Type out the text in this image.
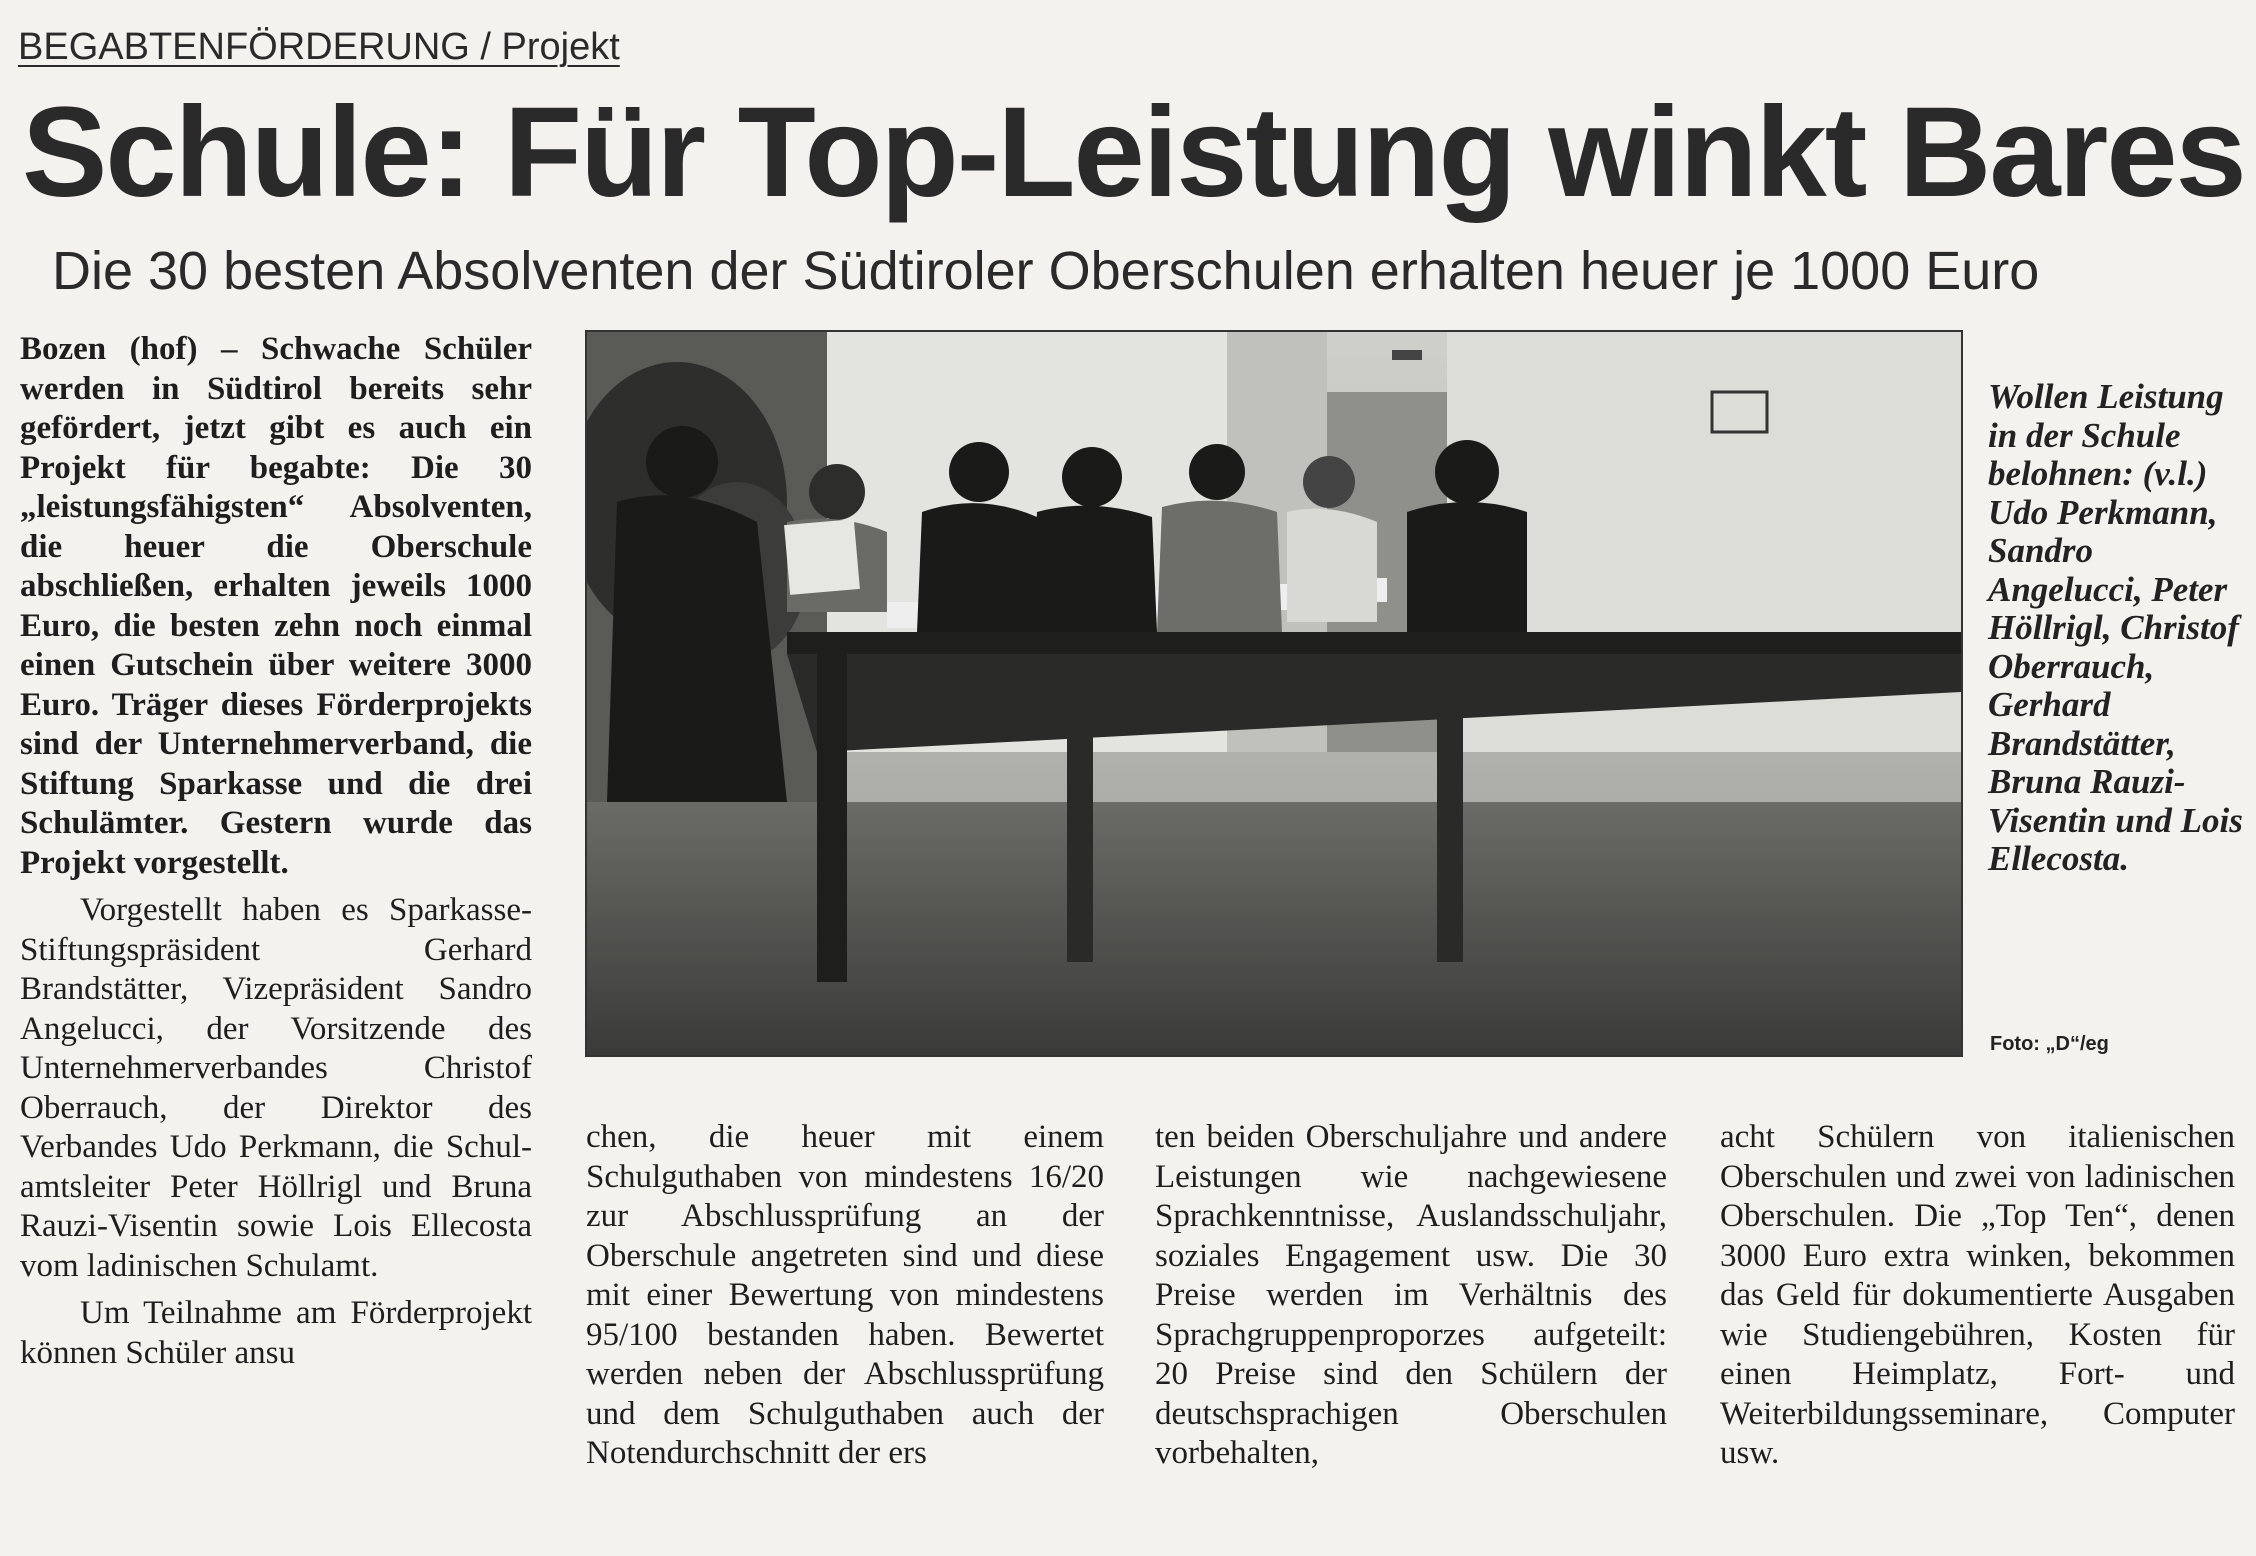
BEGABTENFÖRDERUNG / Projekt
Schule: Für Top-Leistung winkt Bares
Die 30 besten Absolventen der Südtiroler Oberschulen erhalten heuer je 1000 Euro

Bozen (hof) – Schwache Schüler werden in Südtirol bereits sehr gefördert, jetzt gibt es auch ein Projekt für begabte: Die 30 „leistungsfähigsten“ Absolventen, die heuer die Oberschule abschließen, erhalten jeweils 1000 Euro, die besten zehn noch einmal einen Gutschein über weitere 3000 Euro. Träger dieses Förderprojekts sind der Unternehmerverband, die Stiftung Sparkasse und die drei Schulämter. Gestern wurde das Projekt vorgestellt.

Vorgestellt haben es Sparkasse-Stiftungspräsident Gerhard Brandstätter, Vizepräsident Sandro Angelucci, der Vorsitzende des Unternehmerverbandes Christof Oberrauch, der Direktor des Verbandes Udo Perkmann, die Schulamtsleiter Peter Höllrigl und Bruna Rauzi-Visentin sowie Lois Ellecosta vom ladinischen Schulamt.

Um Teilnahme am Förderprojekt können Schüler ansu

Wollen Leistung in der Schule belohnen: (v.l.) Udo Perkmann, Sandro Angelucci, Peter Höllrigl, Christof Oberrauch, Gerhard Brandstätter, Bruna Rauzi-Visentin und Lois Ellecosta.
Foto: „D“/eg

chen, die heuer mit einem Schulguthaben von mindestens 16/20 zur Abschlussprüfung an der Oberschule angetreten sind und diese mit einer Bewertung von mindestens 95/100 bestanden haben. Bewertet werden neben der Abschlussprüfung und dem Schulguthaben auch der Notendurchschnitt der ers

ten beiden Oberschuljahre und andere Leistungen wie nachgewiesene Sprachkenntnisse, Auslandsschuljahr, soziales Engagement usw. Die 30 Preise werden im Verhältnis des Sprachgruppenproporzes aufgeteilt: 20 Preise sind den Schülern der deutschsprachigen Oberschulen vorbehalten,

acht Schülern von italienischen Oberschulen und zwei von ladinischen Oberschulen. Die „Top Ten“, denen 3000 Euro extra winken, bekommen das Geld für dokumentierte Ausgaben wie Studiengebühren, Kosten für einen Heimplatz, Fort- und Weiterbildungsseminare, Computer usw.
